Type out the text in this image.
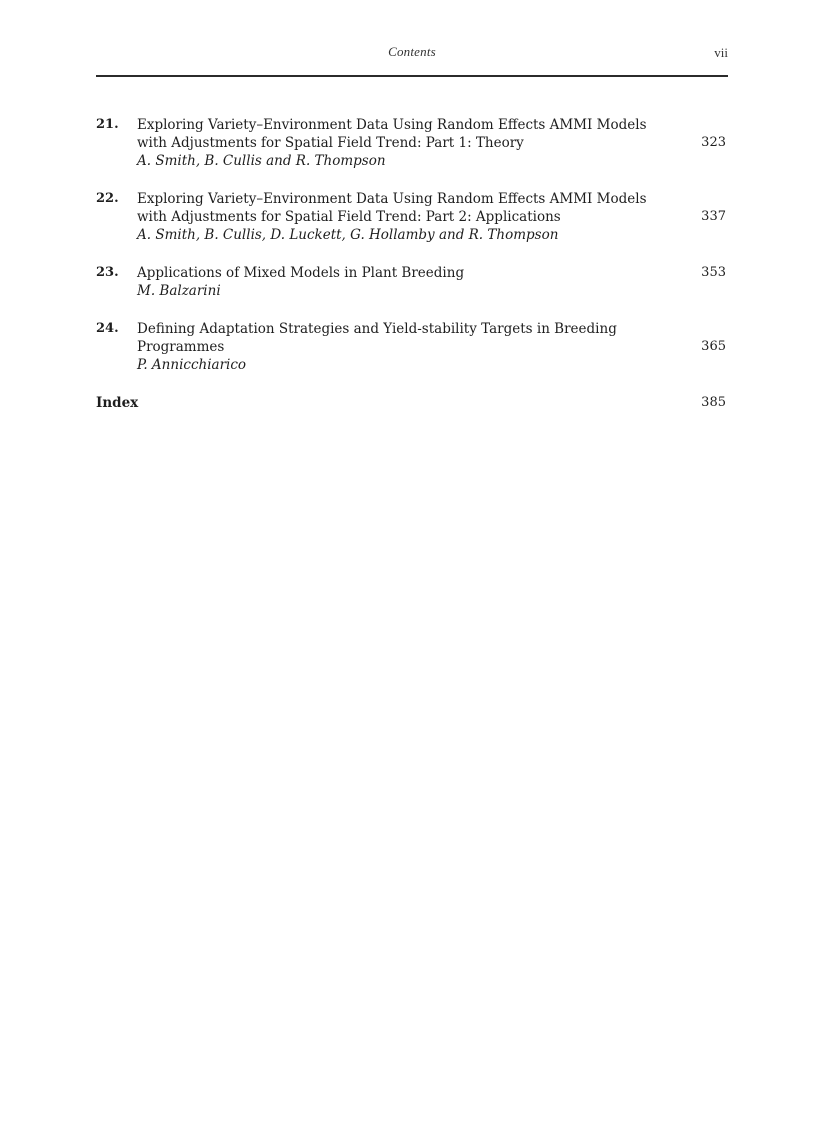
Contents	vii
21. Exploring Variety–Environment Data Using Random Effects AMMI Models
with Adjustments for Spatial Field Trend: Part 1: Theory
A. Smith, B. Cullis and R. Thompson
323
22. Exploring Variety–Environment Data Using Random Effects AMMI Models
with Adjustments for Spatial Field Trend: Part 2: Applications
A. Smith, B. Cullis, D. Luckett, G. Hollamby and R. Thompson
337
23. Applications of Mixed Models in Plant Breeding
M. Balzarini
353
24. Defining Adaptation Strategies and Yield-stability Targets in Breeding
Programmes
P. Annicchiarico
365
Index	385
